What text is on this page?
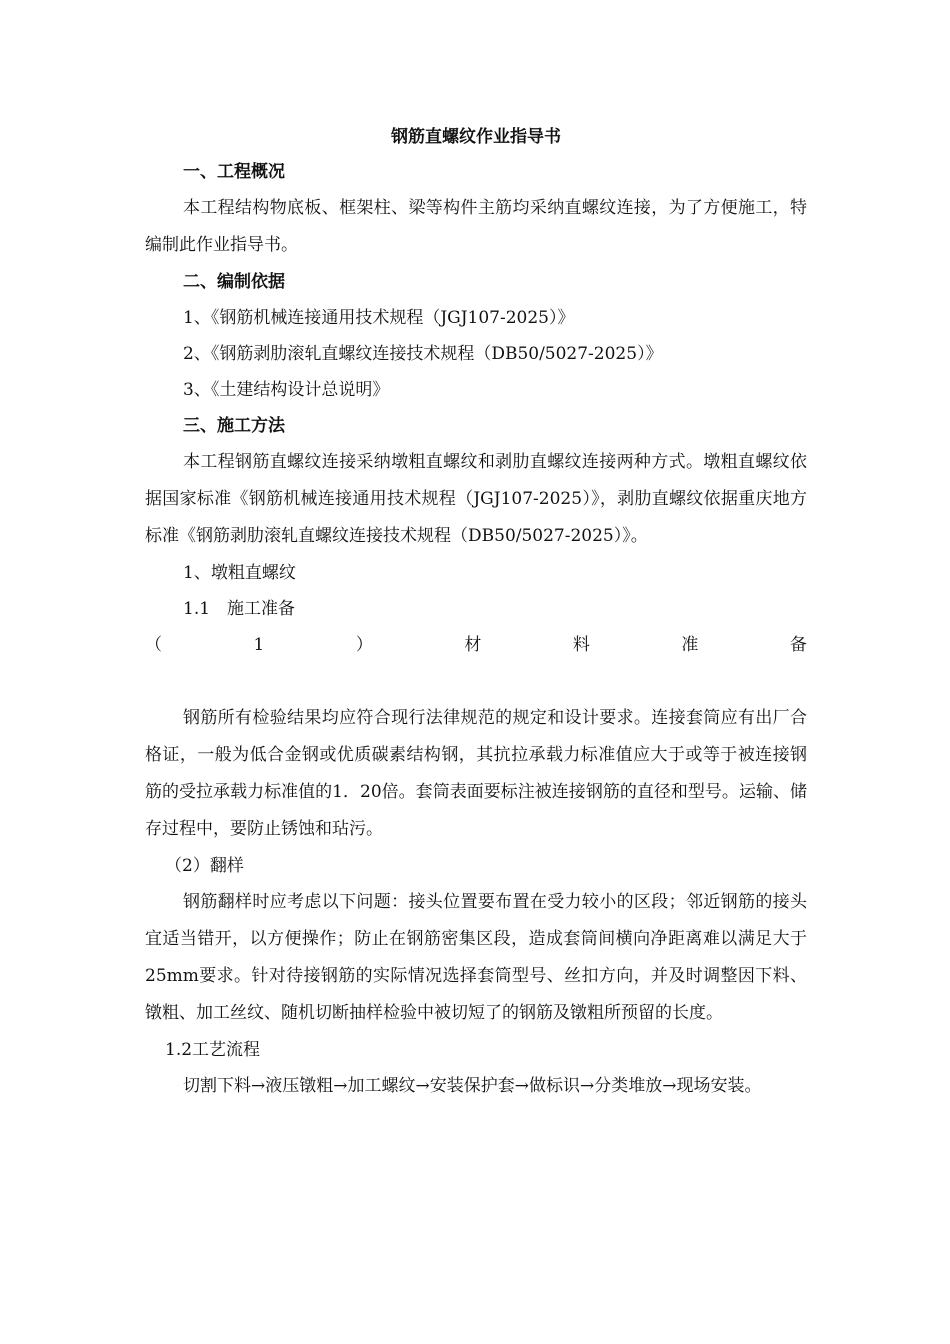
钢筋直螺纹作业指导书
一、工程概况

本工程结构物底板、框架柱、梁等构件主筋均采纳直螺纹连接，为了方便施工，特编制此作业指导书。

二、编制依据
1、《钢筋机械连接通用技术规程（JGJ107-2025）》
2、《钢筋剥肋滚轧直螺纹连接技术规程（DB50/5027-2025）》
3、《土建结构设计总说明》
三、施工方法

本工程钢筋直螺纹连接采纳墩粗直螺纹和剥肋直螺纹连接两种方式。墩粗直螺纹依据国家标准《钢筋机械连接通用技术规程（JGJ107-2025）》，剥肋直螺纹依据重庆地方标准《钢筋剥肋滚轧直螺纹连接技术规程（DB50/5027-2025）》。

1、墩粗直螺纹
1.1　施工准备
（	1	）	材	料	准	备

钢筋所有检验结果均应符合现行法律规范的规定和设计要求。连接套筒应有出厂合格证，一般为低合金钢或优质碳素结构钢，其抗拉承载力标准值应大于或等于被连接钢筋的受拉承载力标准值的1．20倍。套筒表面要标注被连接钢筋的直径和型号。运输、储存过程中，要防止锈蚀和玷污。

（2）翻样

钢筋翻样时应考虑以下问题：接头位置要布置在受力较小的区段；邻近钢筋的接头宜适当错开，以方便操作；防止在钢筋密集区段，造成套筒间横向净距离难以满足大于25mm要求。针对待接钢筋的实际情况选择套筒型号、丝扣方向，并及时调整因下料、镦粗、加工丝纹、随机切断抽样检验中被切短了的钢筋及镦粗所预留的长度。

1.2工艺流程

切割下料→液压镦粗→加工螺纹→安装保护套→做标识→分类堆放→现场安装。
